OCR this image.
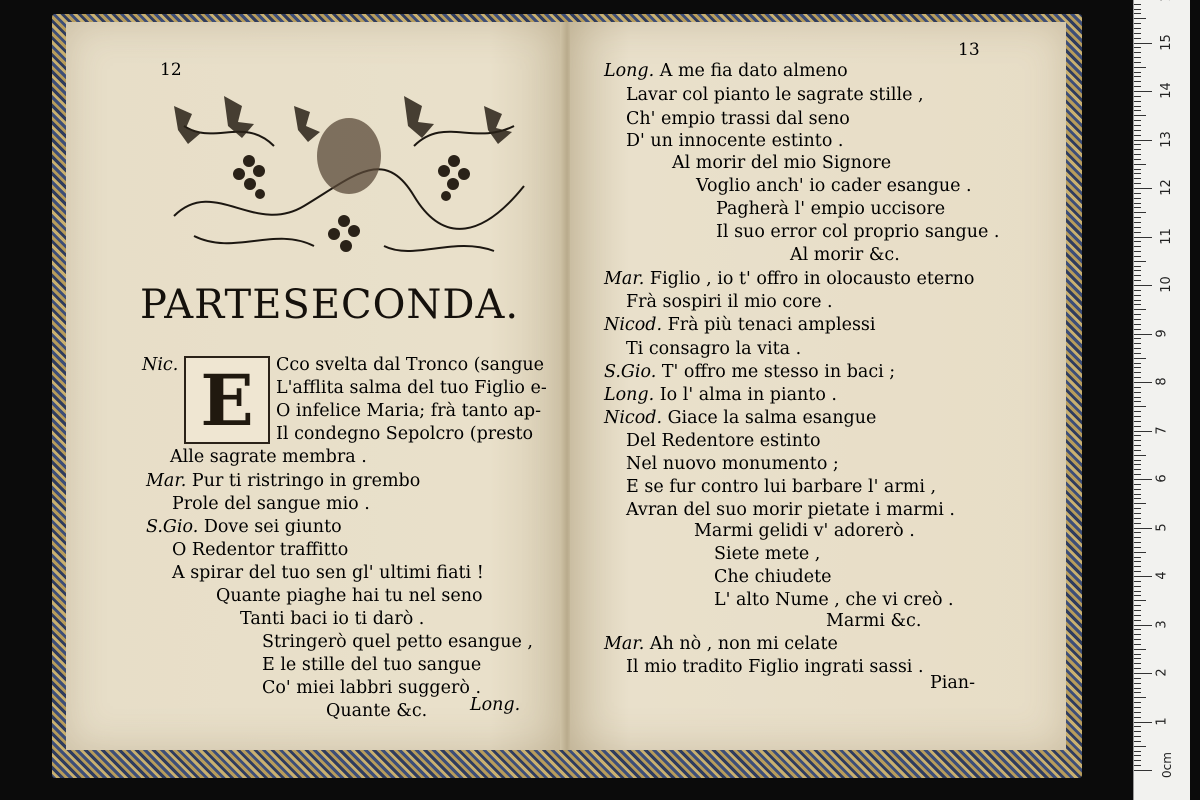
12
PARTESECONDA.
E
Nic.	Cco svelta dal Tronco (sangue
L'afflita salma del tuo Figlio e-
O infelice Maria; frà tanto ap-
Il condegno Sepolcro (presto
Alle sagrate membra .
Mar. Pur ti ristringo in grembo
Prole del sangue mio .
S.Gio. Dove sei giunto
O Redentor traffitto
A spirar del tuo sen gl' ultimi fiati !
Quante piaghe hai tu nel seno
Tanti baci io ti darò .
Stringerò quel petto esangue ,
E le stille del tuo sangue
Co' miei labbri suggerò .
Quante &c. Long.
13
Long. A me fia dato almeno
Lavar col pianto le sagrate stille ,
Ch' empio trassi dal seno
D' un innocente estinto .
Al morir del mio Signore
Voglio anch' io cader esangue .
Pagherà l' empio uccisore
Il suo error col proprio sangue .
Al morir &c.
Mar. Figlio , io t' offro in olocausto eterno
Frà sospiri il mio core .
Nicod. Frà più tenaci amplessi
Ti consagro la vita .
S.Gio. T' offro me stesso in baci ;
Long. Io l' alma in pianto .
Nicod. Giace la salma esangue
Del Redentore estinto
Nel nuovo monumento ;
E se fur contro lui barbare l' armi ,
Avran del suo morir pietate i marmi .
Marmi gelidi v' adorerò .
Siete mete ,
Che chiudete
L' alto Nume , che vi creò .
Marmi &c.
Mar. Ah nò , non mi celate
Il mio tradito Figlio ingrati sassi .
Pian-
1
2
3
4
5
6
7
8
9
10
11
12
13
14
15
0cm
